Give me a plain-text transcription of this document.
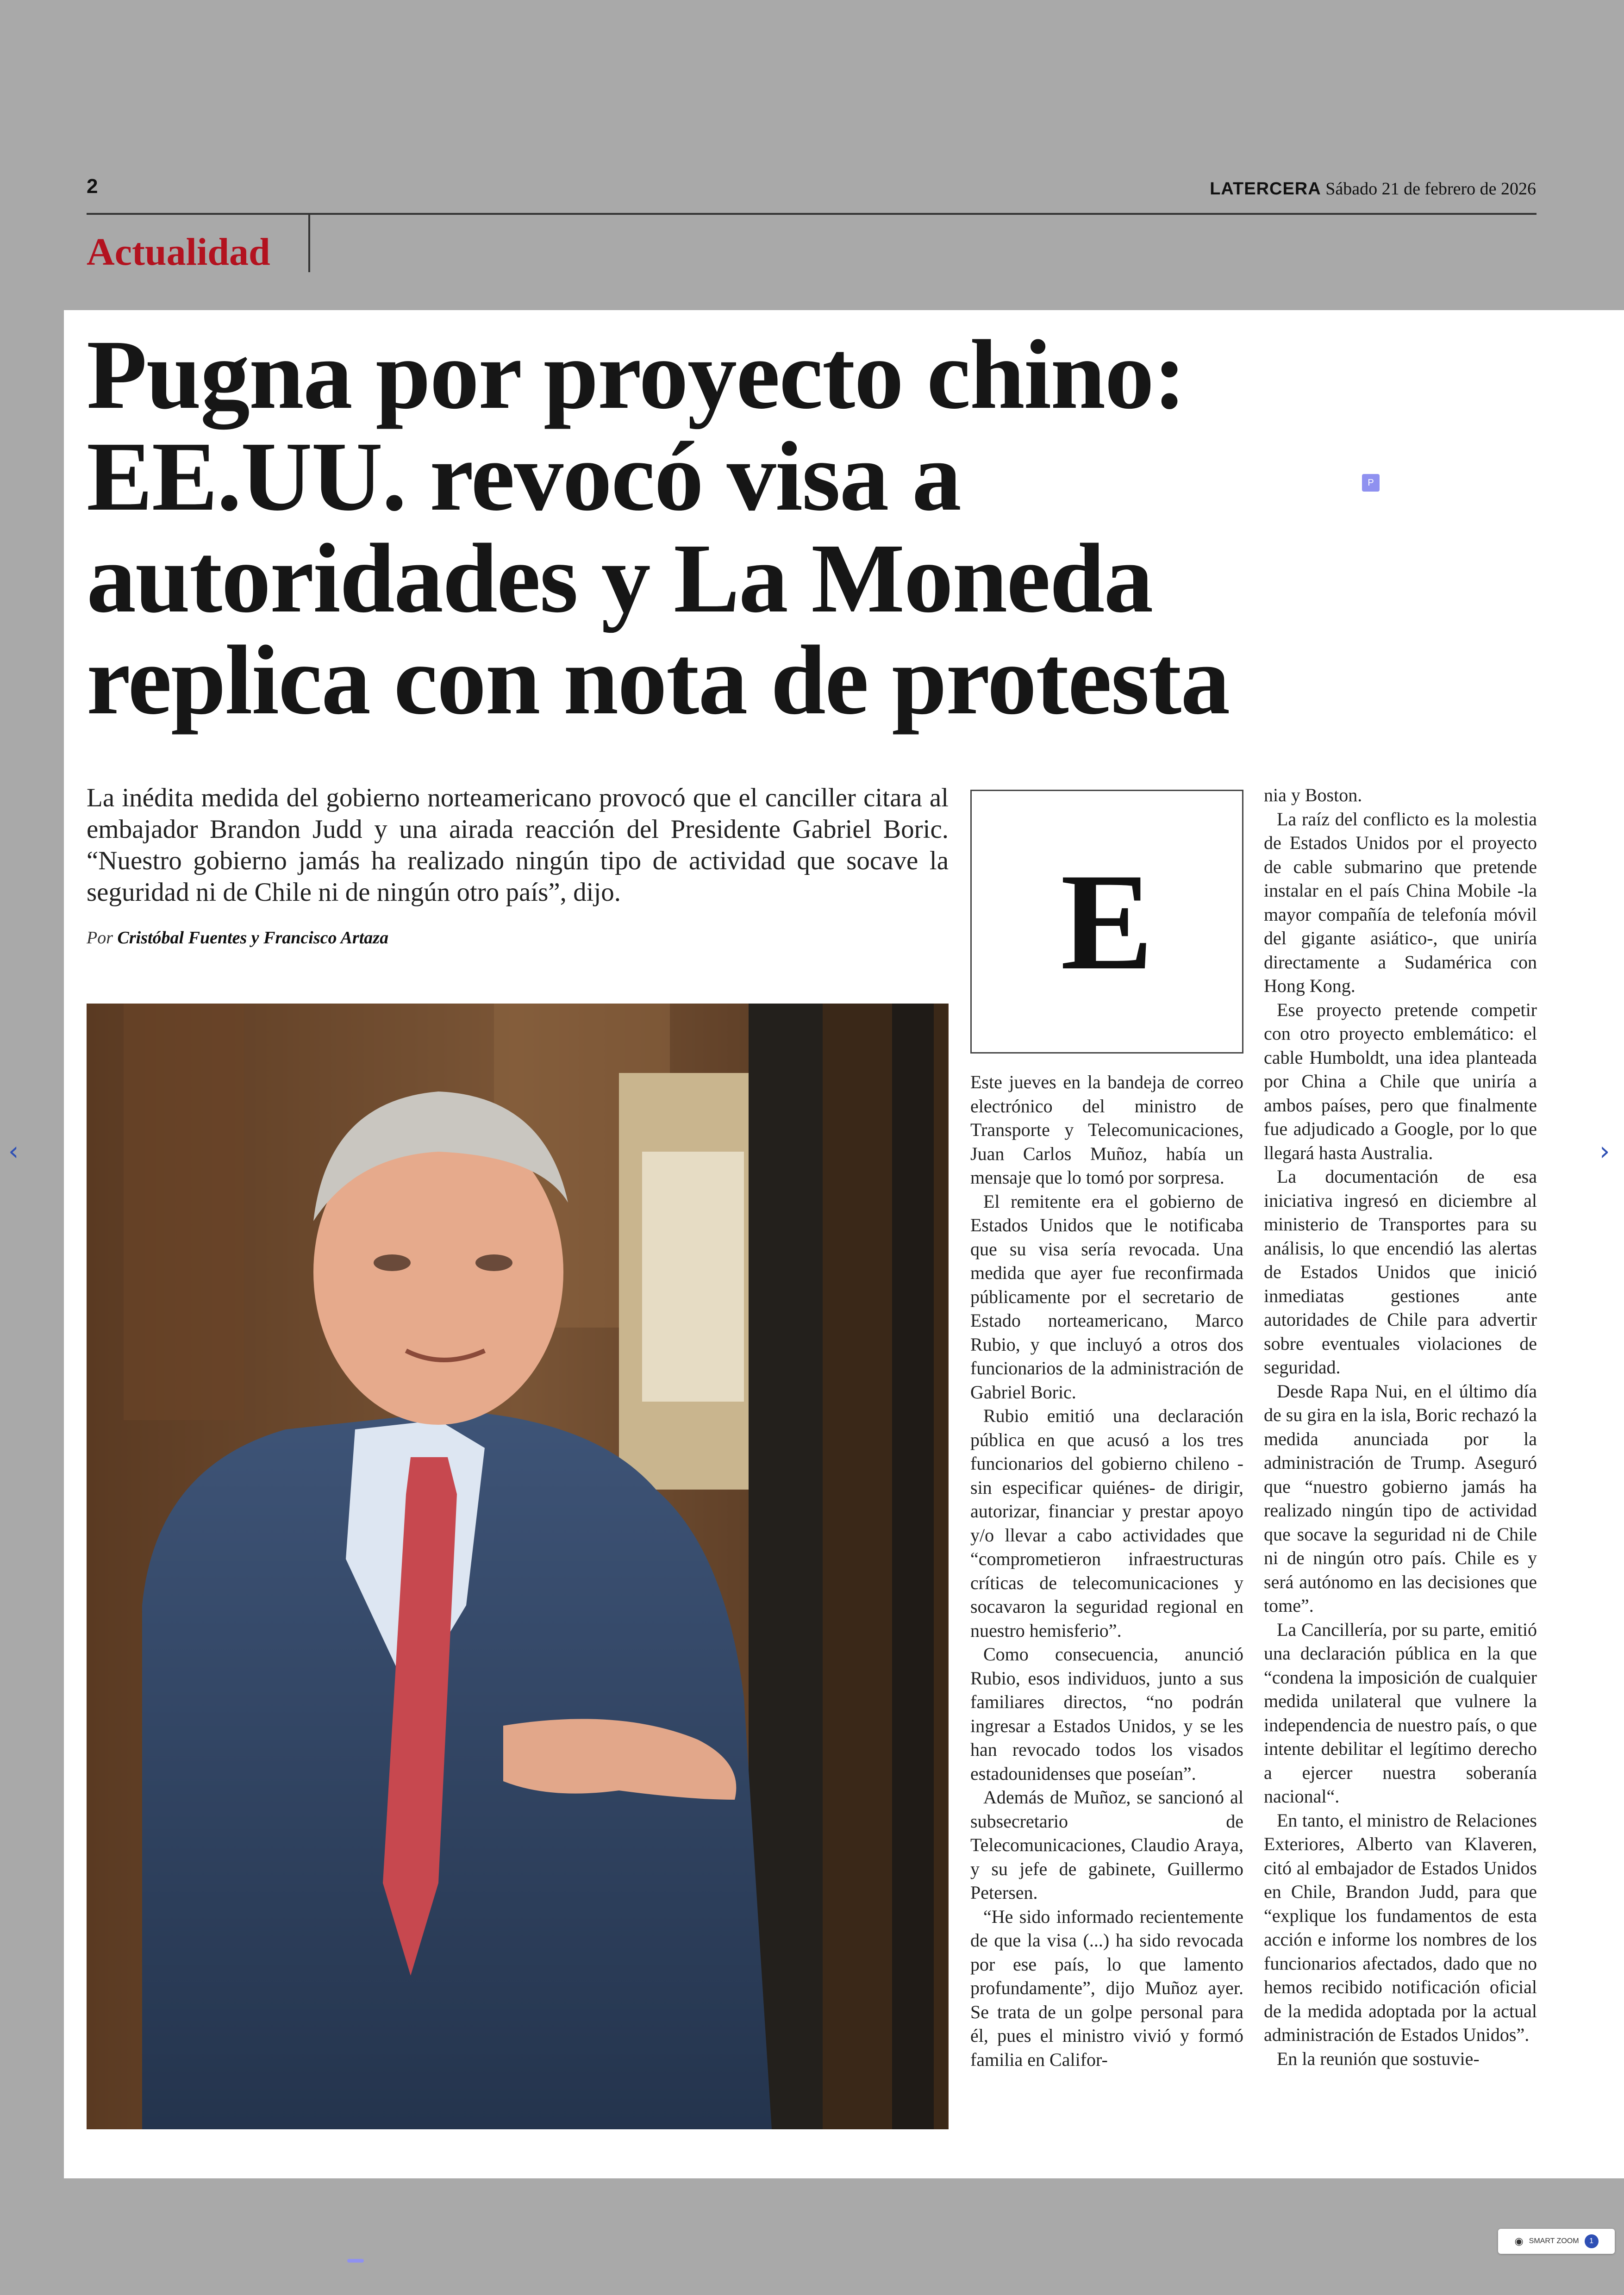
2	LATERCERA Sábado 21 de febrero de 2026
Actualidad
Pugna por proyecto chino:
EE.UU. revocó visa a
autoridades y La Moneda
replica con nota de protesta
P

La inédita medida del gobierno norteamericano provocó que el canciller citara al embajador Brandon Judd y una airada reacción del Presidente Gabriel Boric. “Nuestro gobierno jamás ha realizado ningún tipo de actividad que socave la seguridad ni de Chile ni de ningún otro país”, dijo.

Por Cristóbal Fuentes y Francisco Artaza	E

Este jueves en la bandeja de correo electrónico del ministro de Transporte y Telecomunicaciones, Juan Carlos Muñoz, había un mensaje que lo tomó por sorpresa.

El remitente era el gobierno de Estados Unidos que le notificaba que su visa sería revocada. Una medida que ayer fue reconfirmada públicamente por el secretario de Estado norteamericano, Marco Rubio, y que incluyó a otros dos funcionarios de la administración de Gabriel Boric.

Rubio emitió una declaración pública en que acusó a los tres funcionarios del gobierno chileno -sin especificar quiénes- de dirigir, autorizar, financiar y prestar apoyo y/o llevar a cabo actividades que “comprometieron infraestructuras críticas de telecomunicaciones y socavaron la seguridad regional en nuestro hemisferio”.

Como consecuencia, anunció Rubio, esos individuos, junto a sus familiares directos, “no podrán ingresar a Estados Unidos, y se les han revocado todos los visados estadounidenses que poseían”.

Además de Muñoz, se sancionó al subsecretario de Telecomunicaciones, Claudio Araya, y su jefe de gabinete, Guillermo Petersen.

“He sido informado recientemente de que la visa (...) ha sido revocada por ese país, lo que lamento profundamente”, dijo Muñoz ayer. Se trata de un golpe personal para él, pues el ministro vivió y formó familia en Califor-

nia y Boston.

La raíz del conflicto es la molestia de Estados Unidos por el proyecto de cable submarino que pretende instalar en el país China Mobile -la mayor compañía de telefonía móvil del gigante asiático-, que uniría directamente a Sudamérica con Hong Kong.

Ese proyecto pretende competir con otro proyecto emblemático: el cable Humboldt, una idea planteada por China a Chile que uniría a ambos países, pero que finalmente fue adjudicado a Google, por lo que llegará hasta Australia.

La documentación de esa iniciativa ingresó en diciembre al ministerio de Transportes para su análisis, lo que encendió las alertas de Estados Unidos que inició inmediatas gestiones ante autoridades de Chile para advertir sobre eventuales violaciones de seguridad.

Desde Rapa Nui, en el último día de su gira en la isla, Boric rechazó la medida anunciada por la administración de Trump. Aseguró que “nuestro gobierno jamás ha realizado ningún tipo de actividad que socave la seguridad ni de Chile ni de ningún otro país. Chile es y será autónomo en las decisiones que tome”.

La Cancillería, por su parte, emitió una declaración pública en la que “condena la imposición de cualquier medida unilateral que vulnere la independencia de nuestro país, o que intente debilitar el legítimo derecho a ejercer nuestra soberanía nacional“.

En tanto, el ministro de Relaciones Exteriores, Alberto van Klaveren, citó al embajador de Estados Unidos en Chile, Brandon Judd, para que “explique los fundamentos de esta acción e informe los nombres de los funcionarios afectados, dado que no hemos recibido notificación oficial de la medida adoptada por la actual administración de Estados Unidos”.

En la reunión que sostuvie-

‹	›
◉ SMART ZOOM	1
